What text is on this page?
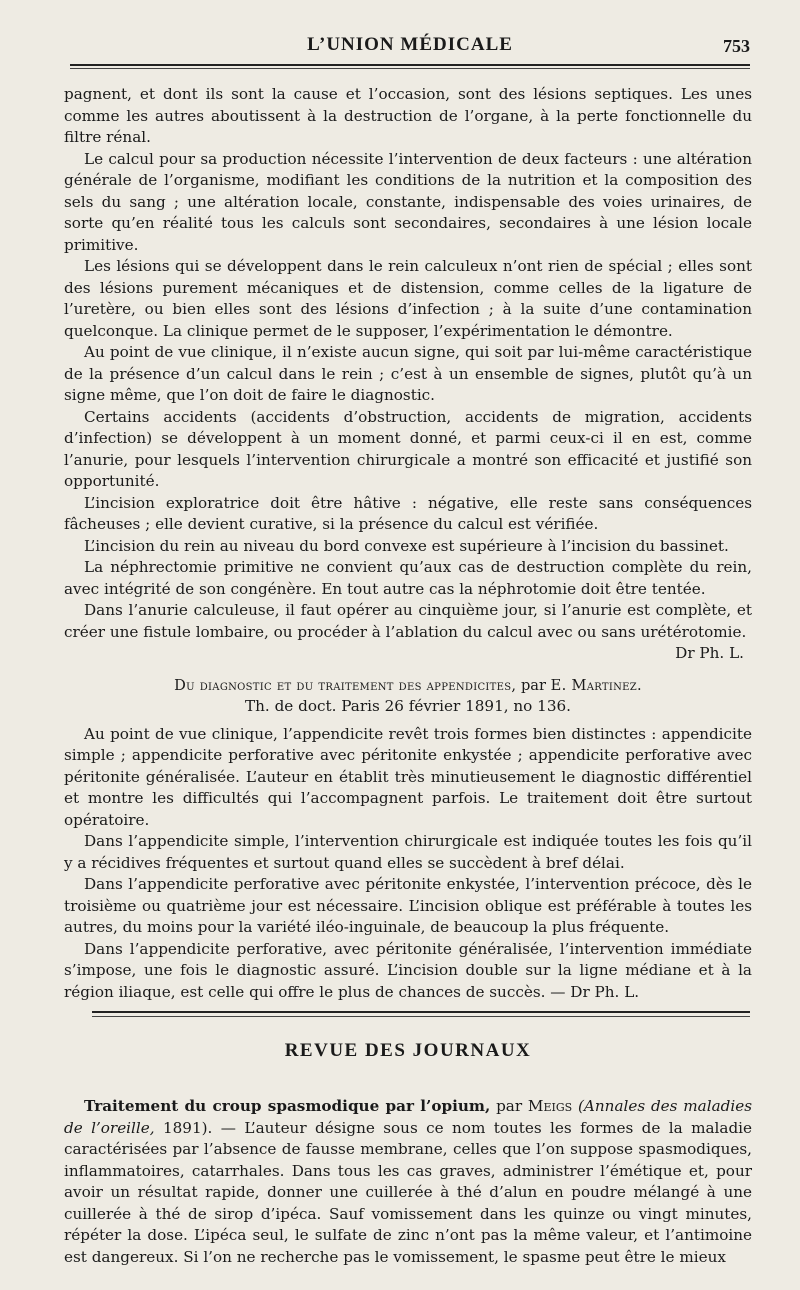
L’UNION MÉDICALE	753

pagnent, et dont ils sont la cause et l’occasion, sont des lésions septiques. Les unes comme les autres aboutissent à la destruction de l’organe, à la perte fonctionnelle du filtre rénal.

Le calcul pour sa production nécessite l’intervention de deux facteurs : une altération générale de l’organisme, modifiant les conditions de la nutrition et la composition des sels du sang ; une altération locale, constante, indispensable des voies urinaires, de sorte qu’en réalité tous les calculs sont secondaires, secondaires à une lésion locale primitive.

Les lésions qui se développent dans le rein calculeux n’ont rien de spécial ; elles sont des lésions purement mécaniques et de distension, comme celles de la ligature de l’uretère, ou bien elles sont des lésions d’infection ; à la suite d’une contamination quelconque. La clinique permet de le supposer, l’expérimentation le démontre.

Au point de vue clinique, il n’existe aucun signe, qui soit par lui-même caractéristique de la présence d’un calcul dans le rein ; c’est à un ensemble de signes, plutôt qu’à un signe même, que l’on doit de faire le diagnostic.

Certains accidents (accidents d’obstruction, accidents de migration, accidents d’infection) se développent à un moment donné, et parmi ceux-ci il en est, comme l’anurie, pour lesquels l’intervention chirurgicale a montré son efficacité et justifié son opportunité.

L’incision exploratrice doit être hâtive : négative, elle reste sans conséquences fâcheuses ; elle devient curative, si la présence du calcul est vérifiée.

L’incision du rein au niveau du bord convexe est supérieure à l’incision du bassinet.

La néphrectomie primitive ne convient qu’aux cas de destruction complète du rein, avec intégrité de son congénère. En tout autre cas la néphrotomie doit être tentée.

Dans l’anurie calculeuse, il faut opérer au cinquième jour, si l’anurie est complète, et créer une fistule lombaire, ou procéder à l’ablation du calcul avec ou sans urétérotomie.

Dr Ph. L.

Du diagnostic et du traitement des appendicites, par E. Martinez.
Th. de doct. Paris 26 février 1891, no 136.

Au point de vue clinique, l’appendicite revêt trois formes bien distinctes : appendicite simple ; appendicite perforative avec péritonite enkystée ; appendicite perforative avec péritonite généralisée. L’auteur en établit très minutieusement le diagnostic différentiel et montre les difficultés qui l’accompagnent parfois. Le traitement doit être surtout opératoire.

Dans l’appendicite simple, l’intervention chirurgicale est indiquée toutes les fois qu’il y a récidives fréquentes et surtout quand elles se succèdent à bref délai.

Dans l’appendicite perforative avec péritonite enkystée, l’intervention précoce, dès le troisième ou quatrième jour est nécessaire. L’incision oblique est préférable à toutes les autres, du moins pour la variété iléo-inguinale, de beaucoup la plus fréquente.

Dans l’appendicite perforative, avec péritonite généralisée, l’intervention immédiate s’impose, une fois le diagnostic assuré. L’incision double sur la ligne médiane et à la région iliaque, est celle qui offre le plus de chances de succès. — Dr Ph. L.

REVUE DES JOURNAUX

Traitement du croup spasmodique par l’opium, par Meigs (Annales des maladies de l’oreille, 1891). — L’auteur désigne sous ce nom toutes les formes de la maladie caractérisées par l’absence de fausse membrane, celles que l’on suppose spasmodiques, inflammatoires, catarrhales. Dans tous les cas graves, administrer l’émétique et, pour avoir un résultat rapide, donner une cuillerée à thé d’alun en poudre mélangé à une cuillerée à thé de sirop d’ipéca. Sauf vomissement dans les quinze ou vingt minutes, répéter la dose. L’ipéca seul, le sulfate de zinc n’ont pas la même valeur, et l’antimoine est dangereux. Si l’on ne recherche pas le vomissement, le spasme peut être le mieux
